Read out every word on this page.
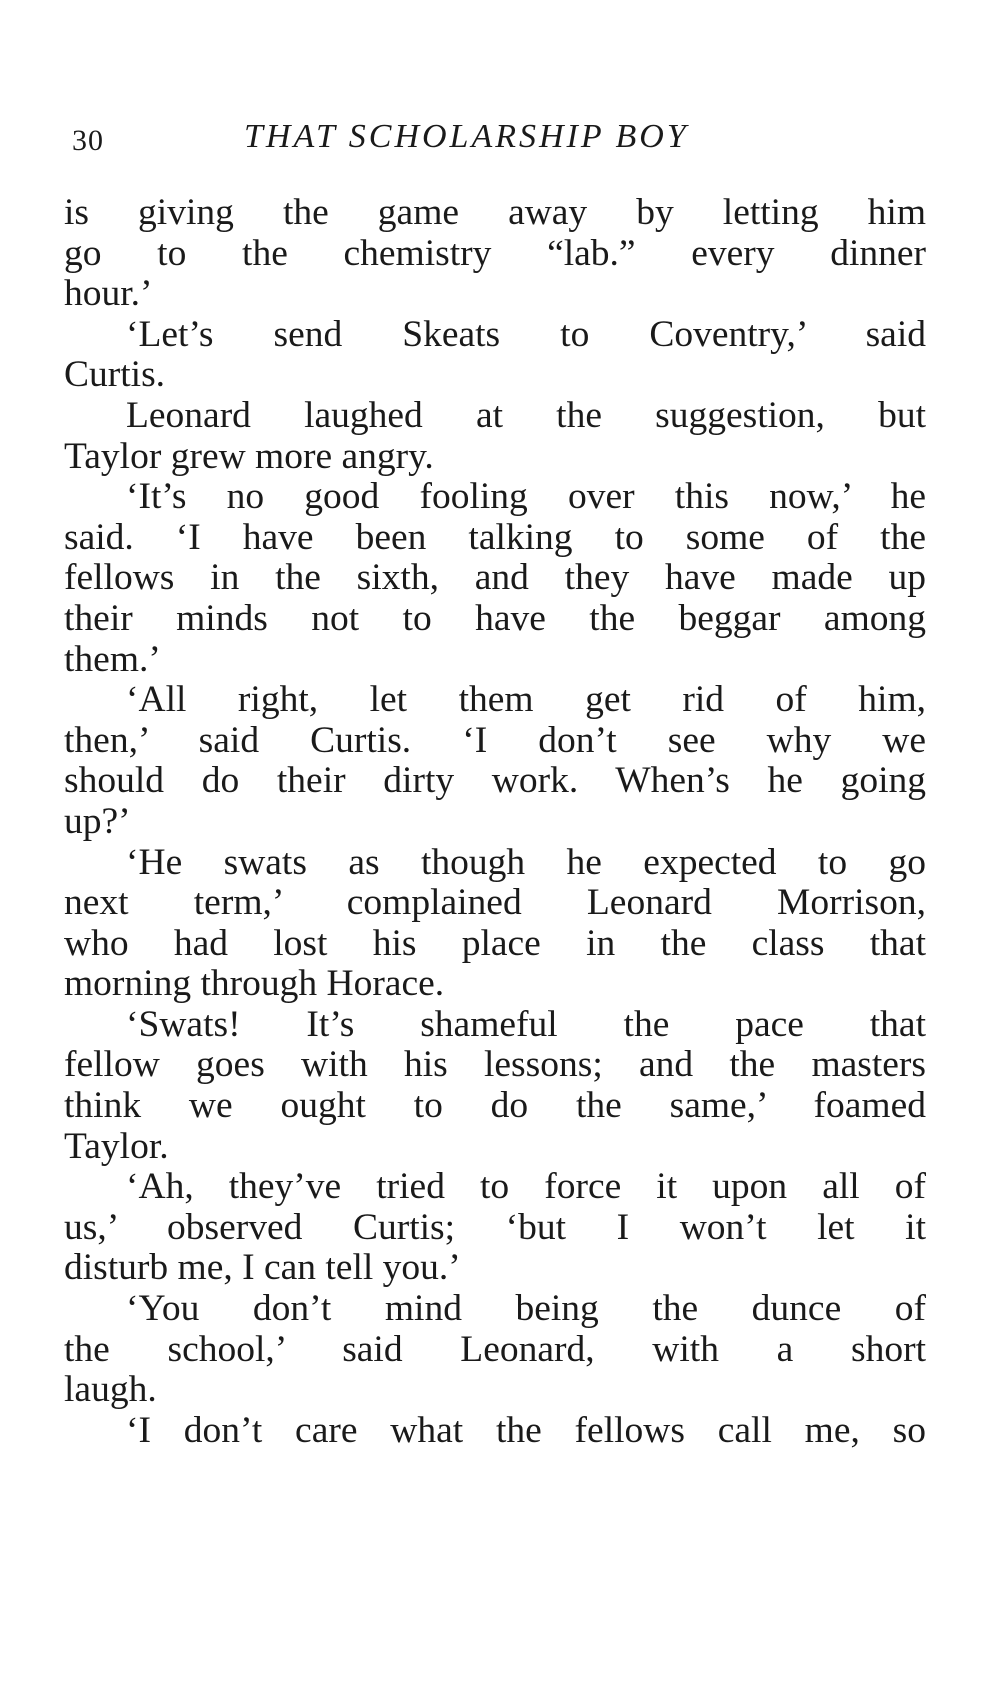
30	THAT SCHOLARSHIP BOY
is giving the game away by letting him
go to the chemistry “lab.” every dinner
hour.’
‘Let’s send Skeats to Coventry,’ said
Curtis.
Leonard laughed at the suggestion, but
Taylor grew more angry.
‘It’s no good fooling over this now,’ he
said. ‘I have been talking to some of the
fellows in the sixth, and they have made up
their minds not to have the beggar among
them.’
‘All right, let them get rid of him,
then,’ said Curtis. ‘I don’t see why we
should do their dirty work. When’s he going
up?’
‘He swats as though he expected to go
next term,’ complained Leonard Morrison,
who had lost his place in the class that
morning through Horace.
‘Swats! It’s shameful the pace that
fellow goes with his lessons; and the masters
think we ought to do the same,’ foamed
Taylor.
‘Ah, they’ve tried to force it upon all of
us,’ observed Curtis; ‘but I won’t let it
disturb me, I can tell you.’
‘You don’t mind being the dunce of
the school,’ said Leonard, with a short
laugh.
‘I don’t care what the fellows call me, so
